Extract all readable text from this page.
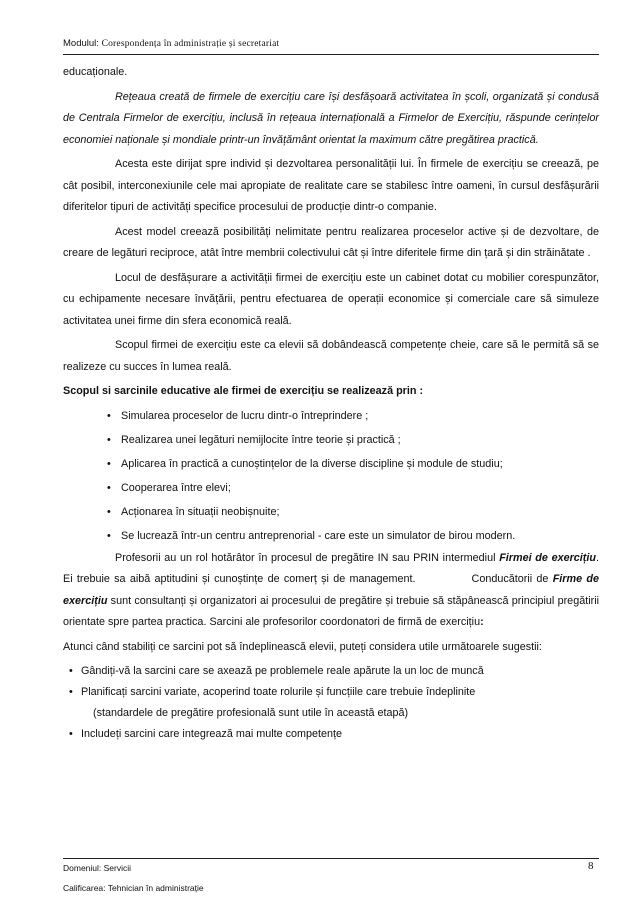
Modulul: Corespondența în administrație și secretariat

educaționale.

Rețeaua creată de firmele de exercițiu care își desfășoară activitatea în școli, organizată și condusă de Centrala Firmelor de exercițiu, inclusă în rețeaua internațională a Firmelor de Exercițiu, răspunde cerințelor economiei naționale și mondiale printr-un învățământ orientat la maximum către pregătirea practică.

Acesta este dirijat spre individ și dezvoltarea personalității lui. În firmele de exercițiu se creează, pe cât posibil, interconexiunile cele mai apropiate de realitate care se stabilesc între oameni, în cursul desfășurării diferitelor tipuri de activități specifice procesului de producție dintr-o companie.

Acest model creează posibilități nelimitate pentru realizarea proceselor active și de dezvoltare, de creare de legături reciproce, atât între membrii colectivului cât și între diferitele firme din țară și din străinătate .

Locul de desfășurare a activității firmei de exercițiu este un cabinet dotat cu mobilier corespunzător, cu echipamente necesare învățării, pentru efectuarea de operații economice și comerciale care să simuleze activitatea unei firme din sfera economică reală.

Scopul firmei de exercițiu este ca elevii să dobândească competențe cheie, care să le permită să se realizeze cu succes în lumea reală.

Scopul si sarcinile educative ale firmei de exercițiu se realizează prin :

• Simularea proceselor de lucru dintr-o întreprindere ;
• Realizarea unei legături nemijlocite între teorie și practică ;
• Aplicarea în practică a cunoștințelor de la diverse discipline și module de studiu;
• Cooperarea între elevi;
• Acționarea în situații neobișnuite;
• Se lucrează într-un centru antreprenorial - care este un simulator de birou modern.

Profesorii au un rol hotărâtor în procesul de pregătire IN sau PRIN intermediul Firmei de exercițiu. Ei trebuie sa aibă aptitudini și cunoștințe de comerț și de management.	Conducătorii de Firme de exercițiu sunt consultanți și organizatori ai procesului de pregătire și trebuie să stăpânească principiul pregătirii orientate spre partea practica. Sarcini ale profesorilor coordonatori de firmă de exercițiu:

Atunci când stabiliți ce sarcini pot să îndeplinească elevii, puteți considera utile următoarele sugestii:

• Gândiți-vă la sarcini care se axează pe problemele reale apărute la un loc de muncă
• Planificați sarcini variate, acoperind toate rolurile și funcțiile care trebuie îndeplinite
(standardele de pregătire profesională sunt utile în această etapă)
• Includeți sarcini care integrează mai multe competențe
Domeniul: Servicii
Calificarea: Tehnician în administrație
8
